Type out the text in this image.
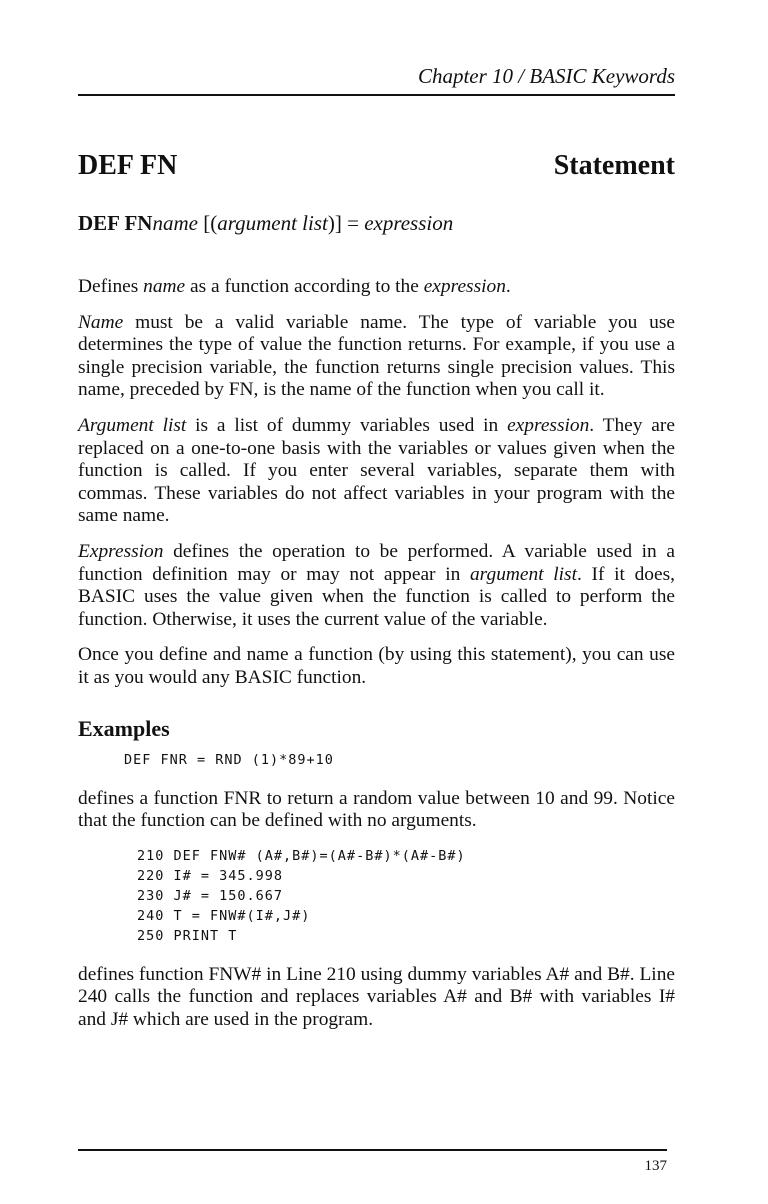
Chapter 10 / BASIC Keywords
DEF FN	Statement
DEF FNname [(argument list)] = expression

Defines name as a function according to the expression.

Name must be a valid variable name. The type of variable you use determines the type of value the function returns. For example, if you use a single precision variable, the function returns single precision values. This name, preceded by FN, is the name of the function when you call it.

Argument list is a list of dummy variables used in expression. They are replaced on a one-to-one basis with the variables or values given when the function is called. If you enter several variables, separate them with commas. These variables do not affect variables in your program with the same name.

Expression defines the operation to be performed. A variable used in a function definition may or may not appear in argument list. If it does, BASIC uses the value given when the function is called to perform the function. Otherwise, it uses the current value of the variable.

Once you define and name a function (by using this statement), you can use it as you would any BASIC function.

Examples
DEF FNR = RND (1)*89+10

defines a function FNR to return a random value between 10 and 99. Notice that the function can be defined with no arguments.

210 DEF FNW# (A#,B#)=(A#-B#)*(A#-B#)
220 I# = 345.998
230 J# = 150.667
240 T = FNW#(I#,J#)
250 PRINT T

defines function FNW# in Line 210 using dummy variables A# and B#. Line 240 calls the function and replaces variables A# and B# with variables I# and J# which are used in the program.

137
